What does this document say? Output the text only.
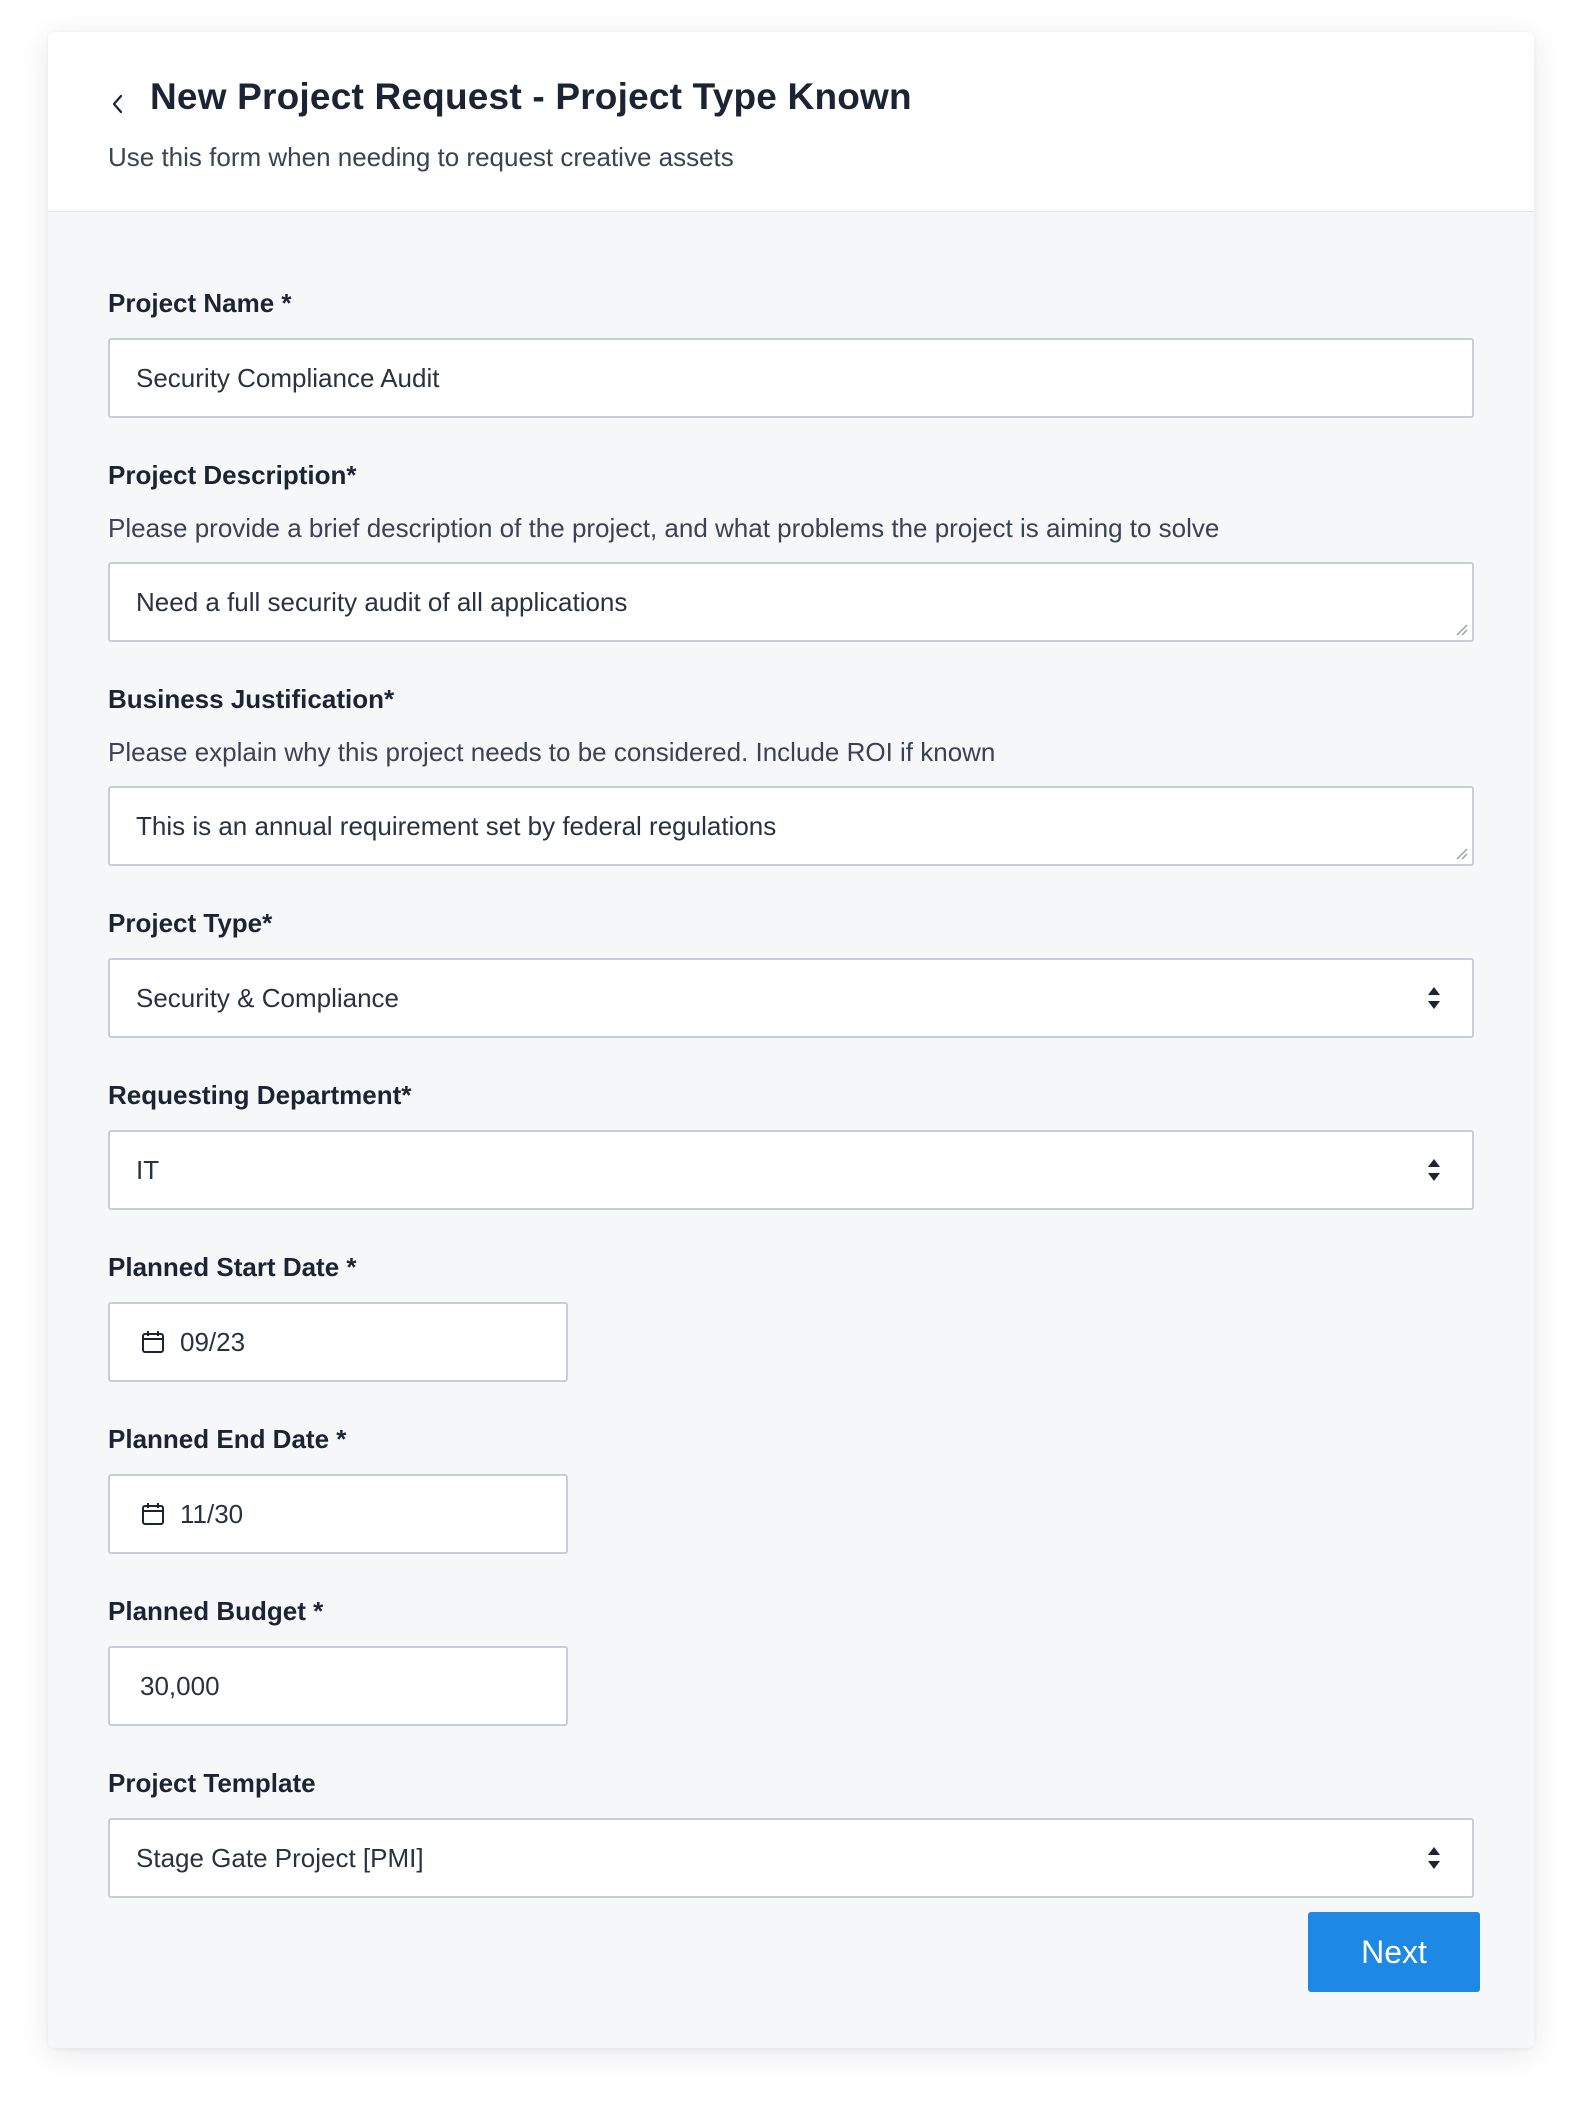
New Project Request - Project Type Known
Use this form when needing to request creative assets
Project Name *
Security Compliance Audit
Project Description*
Please provide a brief description of the project, and what problems the project is aiming to solve
Need a full security audit of all applications
Business Justification*
Please explain why this project needs to be considered. Include ROI if known
This is an annual requirement set by federal regulations
Project Type*
Security & Compliance
Requesting Department*
IT
Planned Start Date *
09/23
Planned End Date *
11/30
Planned Budget *
30,000
Project Template
Stage Gate Project [PMI]
Next
